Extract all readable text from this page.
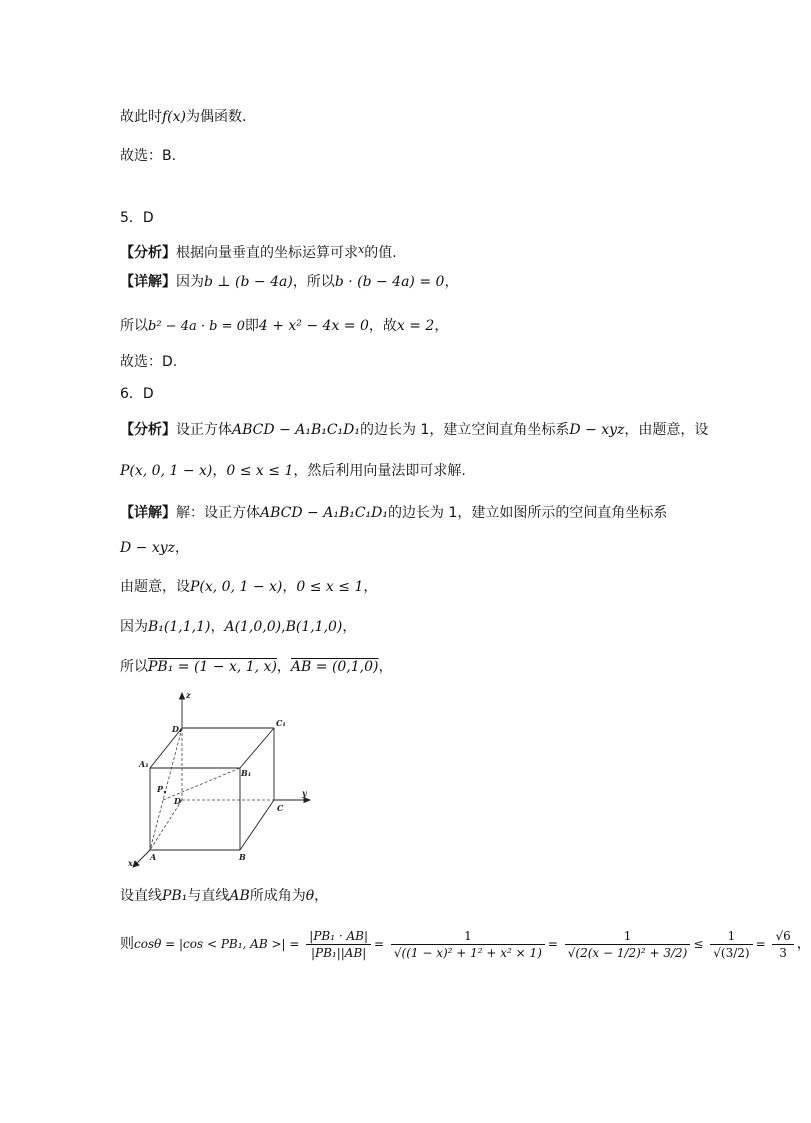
故此时f(x)为偶函数.
故选：B.
5．D
【分析】根据向量垂直的坐标运算可求$^x$的值.
【详解】因为b ⊥ (b − 4a)，所以b · (b − 4a) = 0，
所以b² − 4a · b = 0即4 + x² − 4x = 0，故x = 2，
故选：D.
6．D
【分析】设正方体ABCD − A₁B₁C₁D₁的边长为 1，建立空间直角坐标系D − xyz，由题意，设
P(x, 0, 1 − x)，0 ≤ x ≤ 1，然后利用向量法即可求解.
【详解】解：设正方体ABCD − A₁B₁C₁D₁的边长为 1，建立如图所示的空间直角坐标系
D − xyz，
由题意，设P(x, 0, 1 − x)，0 ≤ x ≤ 1，
因为B₁(1,1,1)，A(1,0,0),B(1,1,0)，
所以PB₁ = (1 − x, 1, x)，AB = (0,1,0)，
z
y
x
A	B
C
D
A₁
B₁
C₁
D₁
P
设直线PB₁与直线AB所成角为θ，
则cosθ = |cos < PB₁, AB >| = $\frac{\text{|PB₁ · AB|}}{\text{|PB₁||AB|}} = \frac{1}{\text{√((1 − x)² + 1² + x² × 1)}} = \frac{1}{\text{√(2(x − 1/2)² + 3/2)}} \le \frac{1}{√(3/2)} = \frac{√6}{3}$ ，
